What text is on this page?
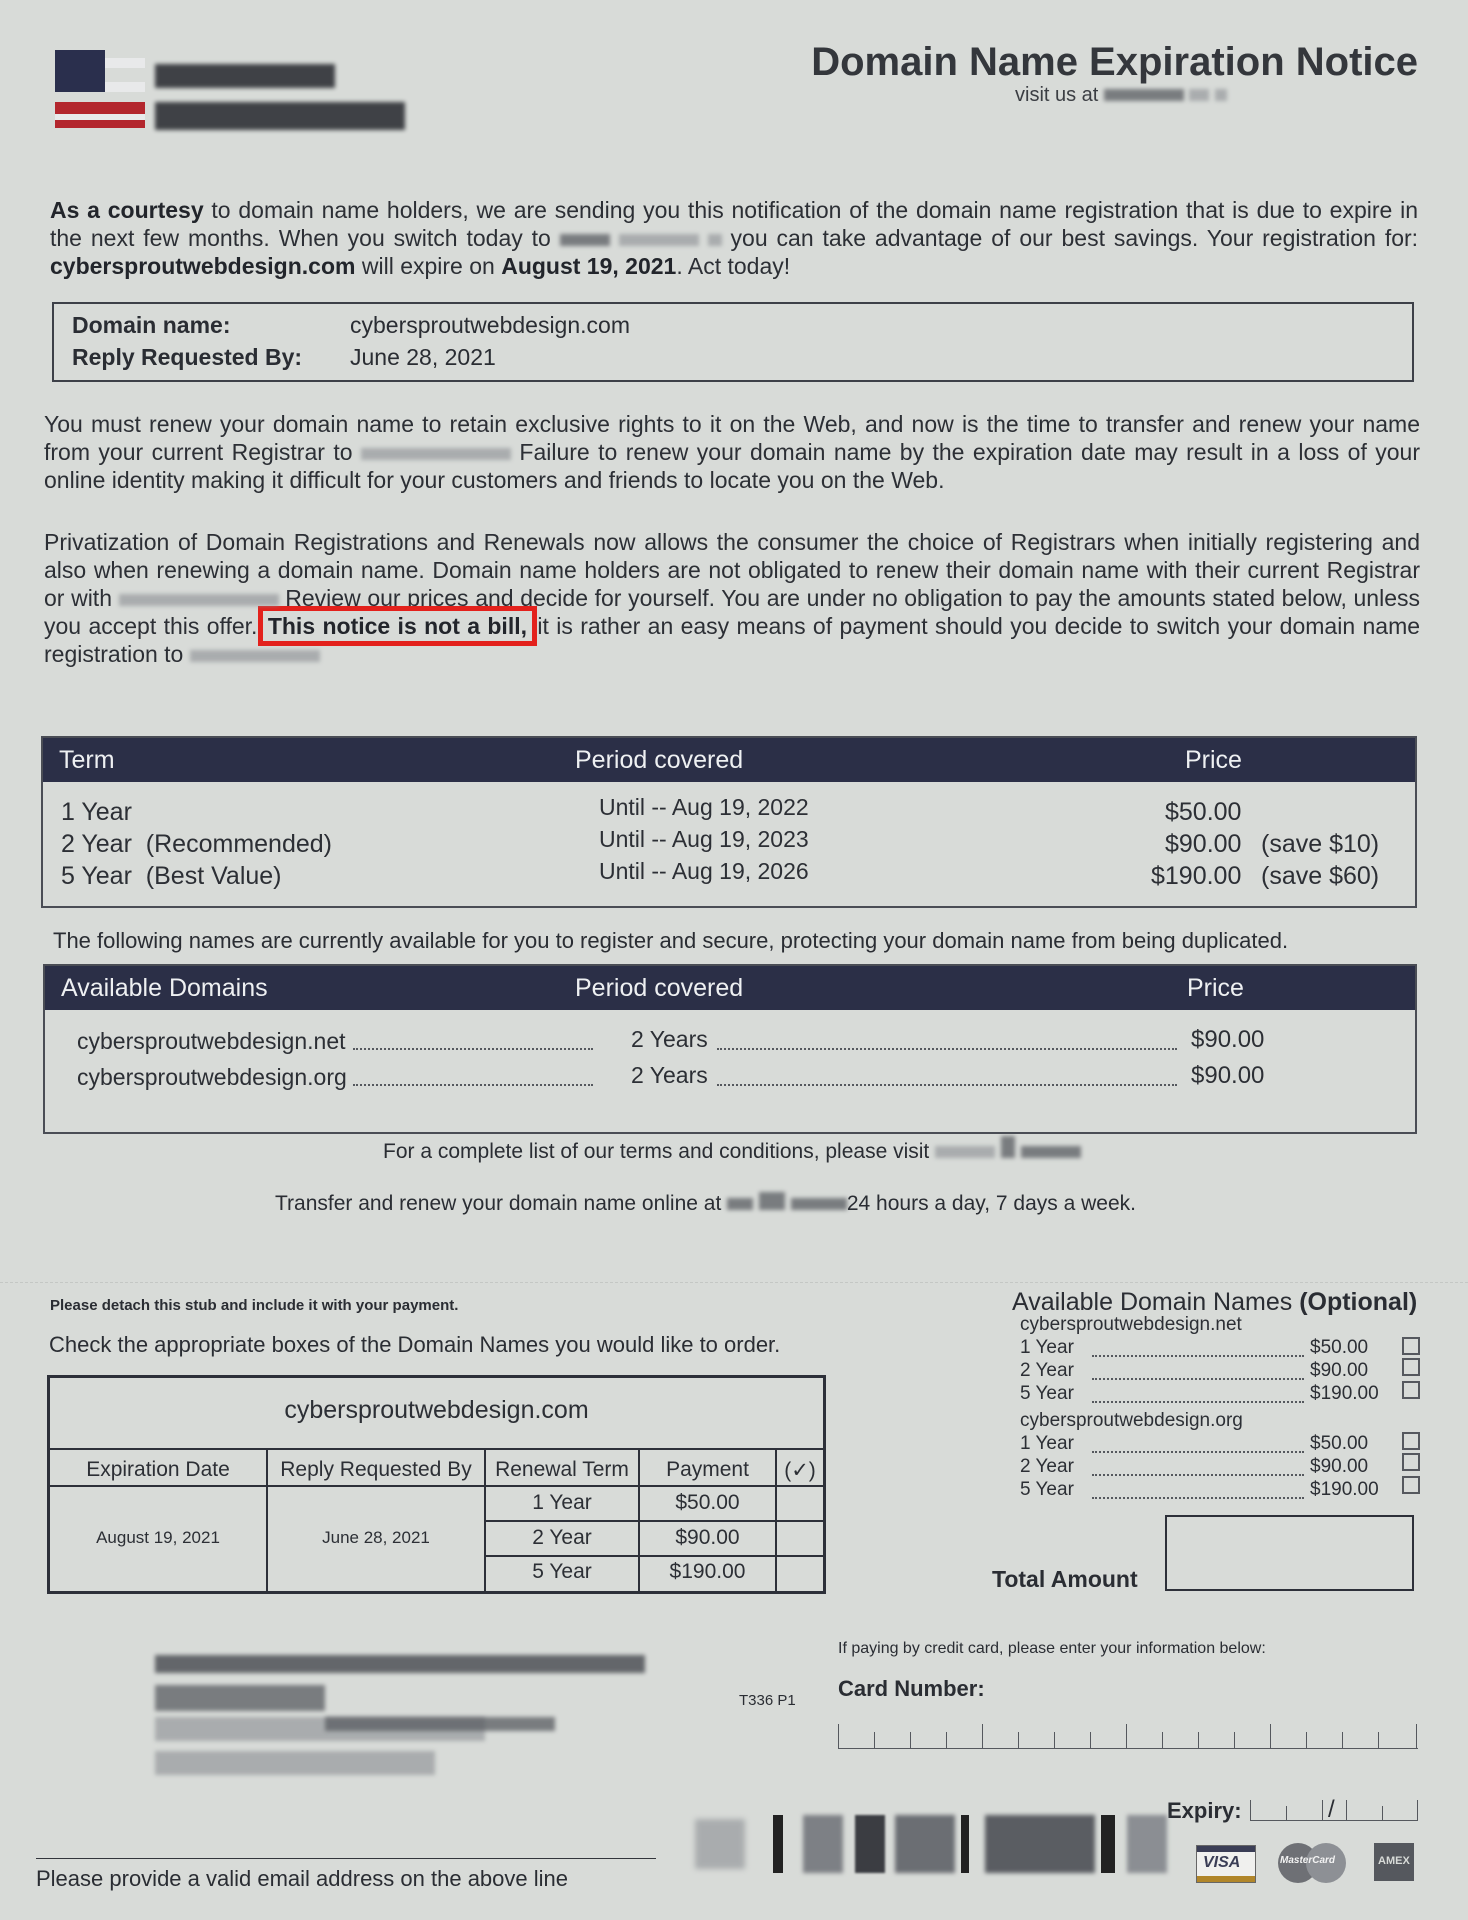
Domain Name Expiration Notice
visit us at
As a courtesy to domain name holders, we are sending you this notification of the domain name registration that is due to expire in the next few months. When you switch today to	you can take advantage of our best savings. Your registration for: cybersproutwebdesign.com will expire on August 19, 2021. Act today!
Domain name:	cybersproutwebdesign.com
Reply Requested By: June 28, 2021
You must renew your domain name to retain exclusive rights to it on the Web, and now is the time to transfer and renew your name from your current Registrar to	Failure to renew your domain name by the expiration date may result in a loss of your online identity making it difficult for your customers and friends to locate you on the Web.
Privatization of Domain Registrations and Renewals now allows the consumer the choice of Registrars when initially registering and also when renewing a domain name. Domain name holders are not obligated to renew their domain name with their current Registrar or with	Review our prices and decide for yourself. You are under no obligation to pay the amounts stated below, unless you accept this offer. This notice is not a bill, it is rather an easy means of payment should you decide to switch your domain name registration to
Term	Period covered	Price
1 Year	Until -- Aug 19, 2022	$50.00
2 Year  (Recommended)	Until -- Aug 19, 2023	$90.00 (save $10)
5 Year  (Best Value)	Until -- Aug 19, 2026	$190.00 (save $60)
The following names are currently available for you to register and secure, protecting your domain name from being duplicated.
Available Domains	Period covered	Price
cybersproutwebdesign.net	2 Years	$90.00
cybersproutwebdesign.org	2 Years	$90.00
For a complete list of our terms and conditions, please visit
Transfer and renew your domain name online at	24 hours a day, 7 days a week.
Please detach this stub and include it with your payment.
Check the appropriate boxes of the Domain Names you would like to order.
cybersproutwebdesign.com
Expiration Date	Reply Requested By	Renewal Term	Payment	(✓)
August 19, 2021	June 28, 2021
1 Year	$50.00
2 Year	$90.00
5 Year	$190.00
Available Domain Names (Optional)
cybersproutwebdesign.net
1 Year	$50.00
2 Year	$90.00
5 Year	$190.00
cybersproutwebdesign.org
1 Year	$50.00
2 Year	$90.00
5 Year	$190.00
Total Amount
T336 P1
If paying by credit card, please enter your information below:
Card Number:
Expiry:	/
VISA	MasterCard	AMEX
Please provide a valid email address on the above line
